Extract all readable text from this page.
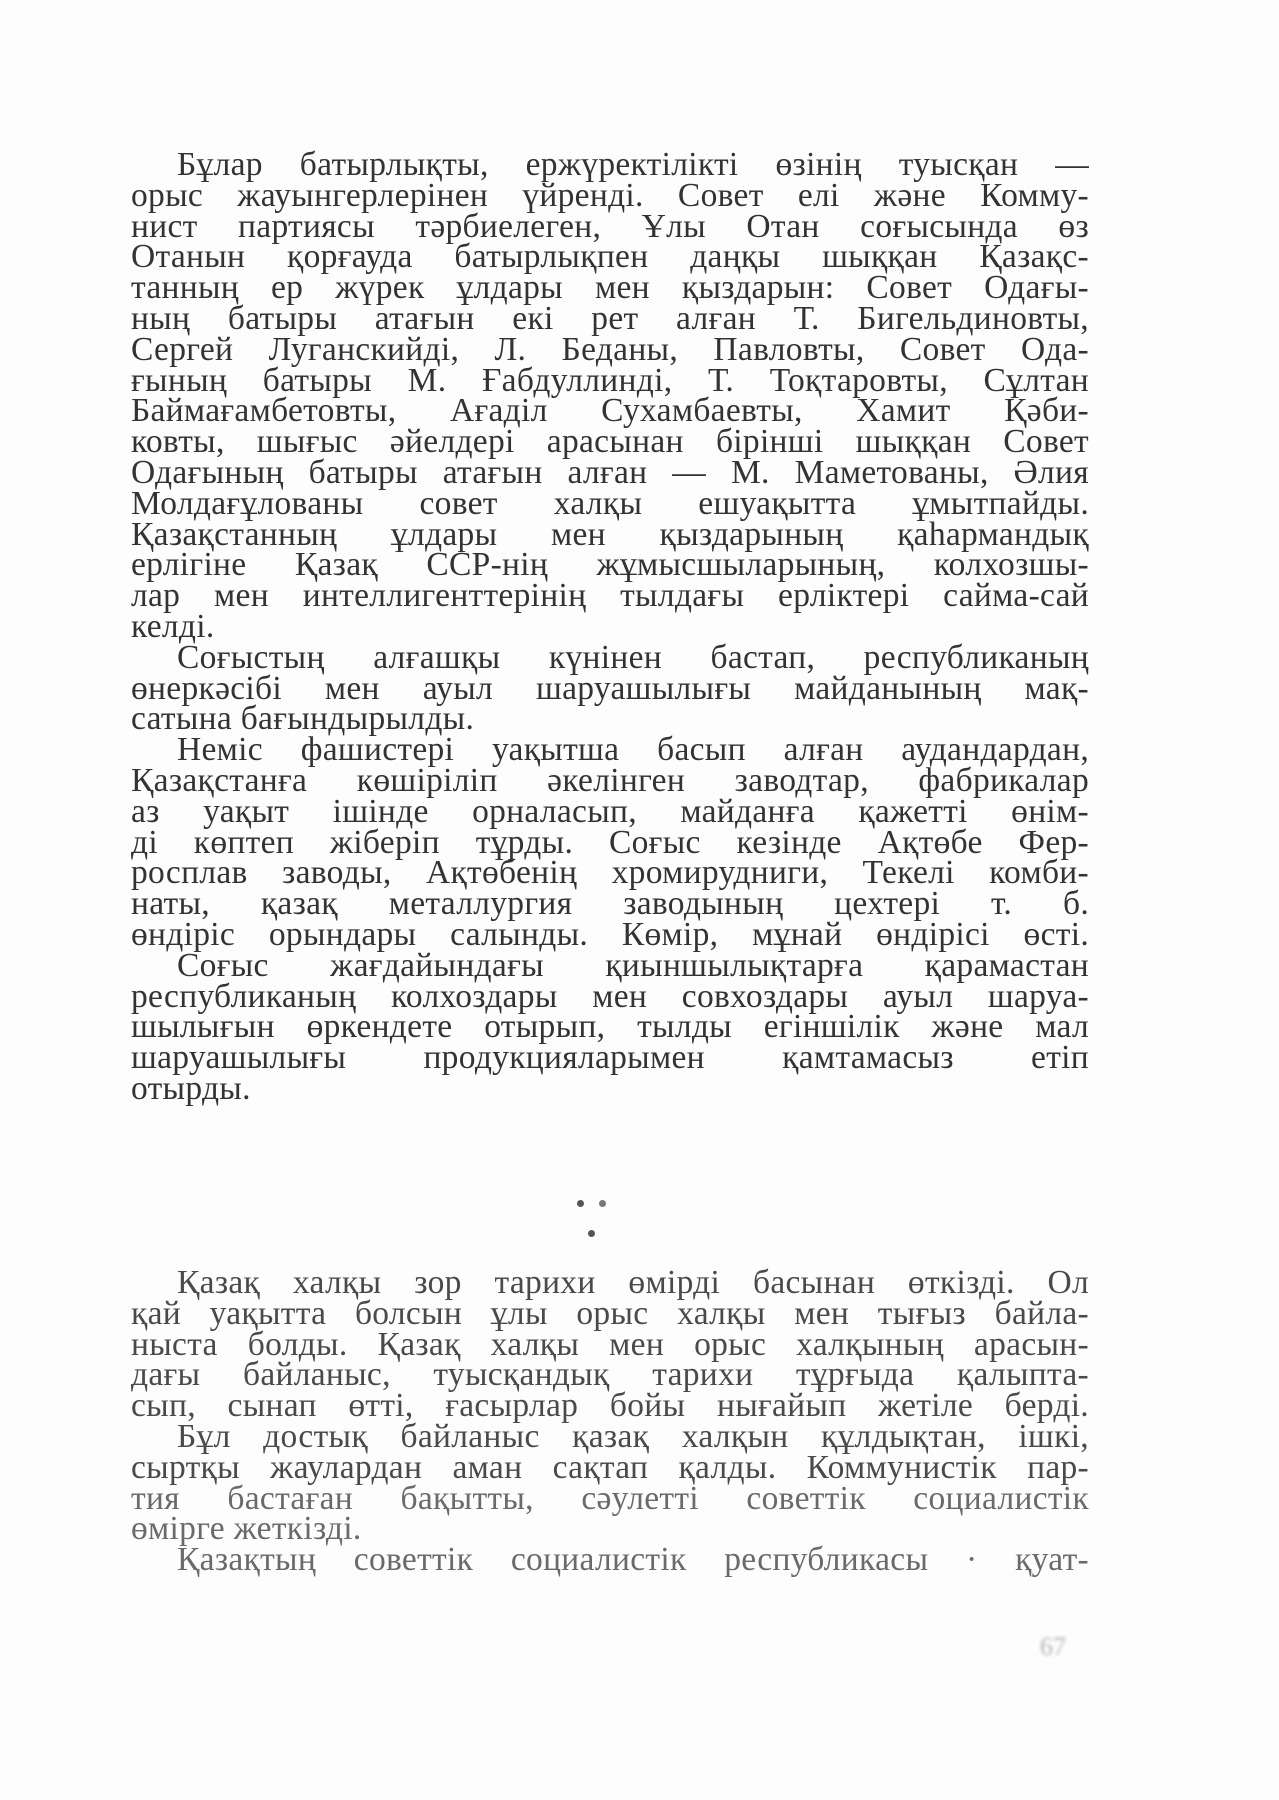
Бұлар батырлықты, ержүректілікті өзінің туысқан —
орыс жауынгерлерінен үйренді. Совет елі және Комму-
нист партиясы тәрбиелеген, Ұлы Отан соғысында өз
Отанын қорғауда батырлықпен даңқы шыққан Қазақс-
танның ер жүрек ұлдары мен қыздарын: Совет Одағы-
ның батыры атағын екі рет алған Т. Бигельдиновты,
Сергей Луганскийді, Л. Беданы, Павловты, Совет Ода-
ғының батыры М. Ғабдуллинді, Т. Тоқтаровты, Сұлтан
Баймағамбетовты, Ағаділ Сухамбаевты, Хамит Қәби-
ковты, шығыс әйелдері арасынан бірінші шыққан Совет
Одағының батыры атағын алған — М. Маметованы, Әлия
Молдағұлованы совет халқы ешуақытта ұмытпайды.
Қазақстанның ұлдары мен қыздарының қаһармандық
ерлігіне Қазақ ССР-нің жұмысшыларының, колхозшы-
лар мен интеллигенттерінің тылдағы ерліктері сайма-сай
келді.
Соғыстың алғашқы күнінен бастап, республиканың
өнеркәсібі мен ауыл шаруашылығы майданының мақ-
сатына бағындырылды.
Неміс фашистері уақытша басып алған аудандардан,
Қазақстанға көшіріліп әкелінген заводтар, фабрикалар
аз уақыт ішінде орналасып, майданға қажетті өнім-
ді көптеп жіберіп тұрды. Соғыс кезінде Ақтөбе Фер-
росплав заводы, Ақтөбенің хромирудниги, Текелі комби-
наты, қазақ металлургия заводының цехтері т. б.
өндіріс орындары салынды. Көмір, мұнай өндірісі өсті.
Соғыс жағдайындағы қиыншылықтарға қарамастан
республиканың колхоздары мен совхоздары ауыл шаруа-
шылығын өркендете отырып, тылды егіншілік және мал
шаруашылығы продукцияларымен қамтамасыз етіп
отырды.
Қазақ халқы зор тарихи өмірді басынан өткізді. Ол
қай уақытта болсын ұлы орыс халқы мен тығыз байла-
ныста болды. Қазақ халқы мен орыс халқының арасын-
дағы байланыс, туысқандық тарихи тұрғыда қалыпта-
сып, сынап өтті, ғасырлар бойы нығайып жетіле берді.
Бұл достық байланыс қазақ халқын құлдықтан, ішкі,
сыртқы жаулардан аман сақтап қалды. Коммунистік пар-
тия бастаған бақытты, сәулетті советтік социалистік
өмірге жеткізді.
Қазақтың советтік социалистік республикасы · қуат-
67
